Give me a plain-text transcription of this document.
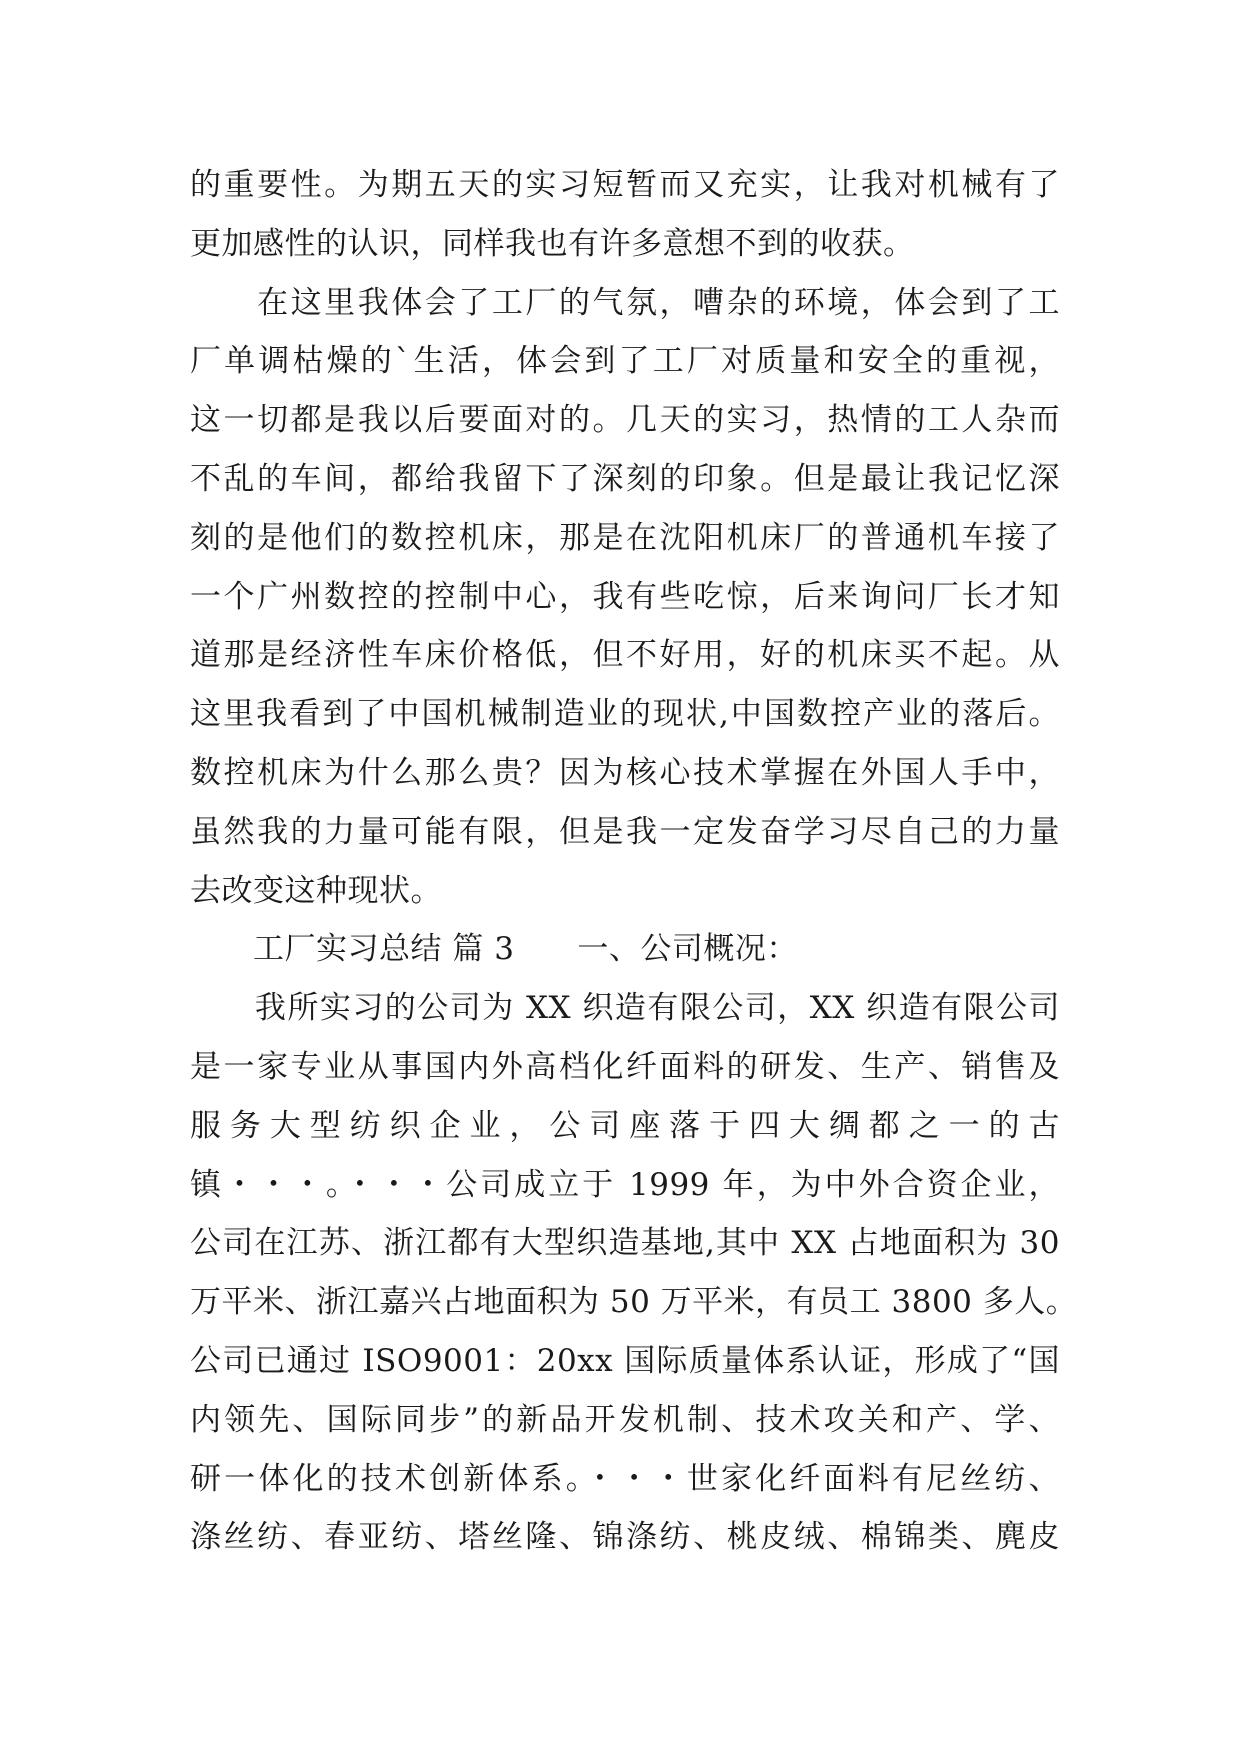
的重要性。为期五天的实习短暂而又充实，让我对机械有了
更加感性的认识，同样我也有许多意想不到的收获。
　　在这里我体会了工厂的气氛，嘈杂的环境，体会到了工
厂单调枯燥的`生活，体会到了工厂对质量和安全的重视，
这一切都是我以后要面对的。几天的实习，热情的工人杂而
不乱的车间，都给我留下了深刻的印象。但是最让我记忆深
刻的是他们的数控机床，那是在沈阳机床厂的普通机车接了
一个广州数控的控制中心，我有些吃惊，后来询问厂长才知
道那是经济性车床价格低，但不好用，好的机床买不起。从
这里我看到了中国机械制造业的现状,中国数控产业的落后。
数控机床为什么那么贵？因为核心技术掌握在外国人手中，
虽然我的力量可能有限，但是我一定发奋学习尽自己的力量
去改变这种现状。
　　工厂实习总结 篇 3　　一、公司概况：
　　我所实习的公司为 XX 织造有限公司，XX 织造有限公司
是一家专业从事国内外高档化纤面料的研发、生产、销售及
服务大型纺织企业，公司座落于四大绸都之一的古
镇・・・。・・・公司成立于 1999 年，为中外合资企业，
公司在江苏、浙江都有大型织造基地,其中 XX 占地面积为 30
万平米、浙江嘉兴占地面积为 50 万平米，有员工 3800 多人。
公司已通过 ISO9001：20xx 国际质量体系认证，形成了“国
内领先、国际同步”的新品开发机制、技术攻关和产、学、
研一体化的技术创新体系。・・・世家化纤面料有尼丝纺、
涤丝纺、春亚纺、塔丝隆、锦涤纺、桃皮绒、棉锦类、麂皮
